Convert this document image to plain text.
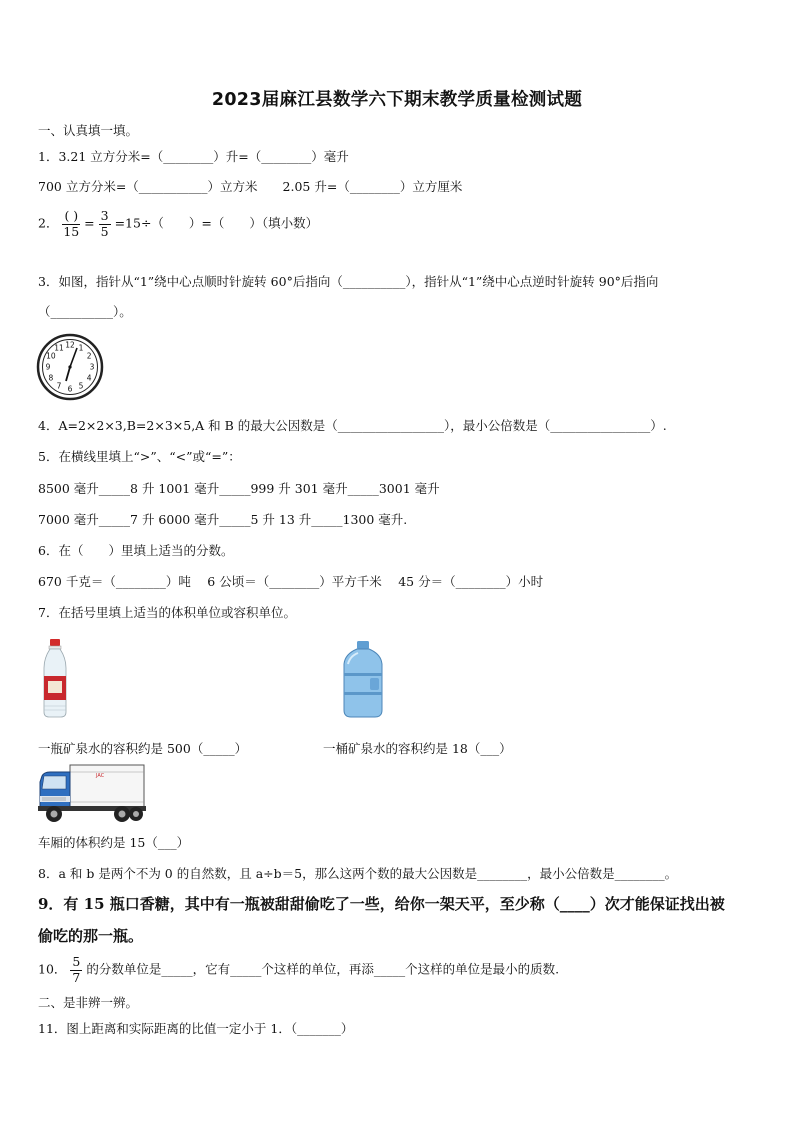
2023届麻江县数学六下期末教学质量检测试题
一、认真填一填。
1．3.21 立方分米=（________）升=（________）毫升
700 立方分米=（___________）立方米　　2.05 升=（________）立方厘米
2． $\frac{( )}{15} = \frac{3}{5} =15\div$（　　）=（　　）（填小数）
3．如图，指针从“1”绕中心点顺时针旋转 60°后指向（__________），指针从“1”绕中心点逆时针旋转 90°后指向
（__________）。
12 1
2
3
4
5
6
7
8
9
10
11
4．A=2×2×3,B=2×3×5,A 和 B 的最大公因数是（_________________），最小公倍数是（________________）.
5．在横线里填上“>”、“<”或“=”：
8500 毫升_____8 升 1001 毫升_____999 升 301 毫升_____3001 毫升
7000 毫升_____7 升 6000 毫升_____5 升 13 升_____1300 毫升.
6．在（　　）里填上适当的分数。
670 千克＝（________）吨　 6 公顷＝（________）平方千米　 45 分＝（________）小时
7．在括号里填上适当的体积单位或容积单位。
一瓶矿泉水的容积约是 500（_____）	一桶矿泉水的容积约是 18（___）
JAC
车厢的体积约是 15（___）
8．a 和 b 是两个不为 0 的自然数，且 a÷b＝5，那么这两个数的最大公因数是________，最小公倍数是________。
9．有 15 瓶口香糖，其中有一瓶被甜甜偷吃了一些，给你一架天平，至少称（____）次才能保证找出被
偷吃的那一瓶。
10． $\frac{5}{7}$ 的分数单位是_____，它有_____个这样的单位，再添_____个这样的单位是最小的质数.
二、是非辨一辨。
11．图上距离和实际距离的比值一定小于 1．（_______）
